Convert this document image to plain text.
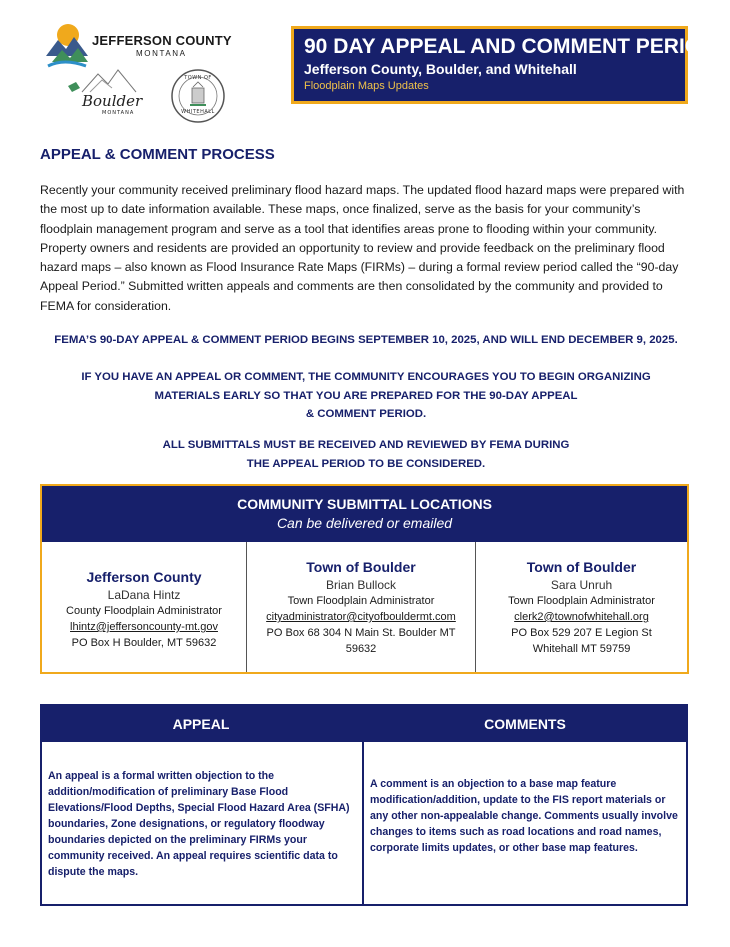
JEFFERSON COUNTY
MONTANA
Boulder
MONTANA
TOWN OF
WHITEHALL
90 DAY APPEAL AND COMMENT PERIOD
Jefferson County, Boulder, and Whitehall
Floodplain Maps Updates
APPEAL & COMMENT PROCESS

Recently your community received preliminary flood hazard maps. The updated flood hazard maps were prepared with the most up to date information available. These maps, once finalized, serve as the basis for your community’s floodplain management program and serve as a tool that identifies areas prone to flooding within your community. Property owners and residents are provided an opportunity to review and provide feedback on the preliminary flood hazard maps – also known as Flood Insurance Rate Maps (FIRMs) – during a formal review period called the “90-day Appeal Period.” Submitted written appeals and comments are then consolidated by the community and provided to FEMA for consideration.

FEMA’S 90-DAY APPEAL & COMMENT PERIOD BEGINS SEPTEMBER 10, 2025, AND WILL END DECEMBER 9, 2025.

IF YOU HAVE AN APPEAL OR COMMENT, THE COMMUNITY ENCOURAGES YOU TO BEGIN ORGANIZING
MATERIALS EARLY SO THAT YOU ARE PREPARED FOR THE 90-DAY APPEAL
& COMMENT PERIOD.

ALL SUBMITTALS MUST BE RECEIVED AND REVIEWED BY FEMA DURING
THE APPEAL PERIOD TO BE CONSIDERED.

COMMUNITY SUBMITTAL LOCATIONS
Can be delivered or emailed
Jefferson County
LaDana Hintz
County Floodplain Administrator
lhintz@jeffersoncounty-mt.gov
PO Box H Boulder, MT 59632
Town of Boulder
Brian Bullock
Town Floodplain Administrator
cityadministrator@cityofbouldermt.com
PO Box 68 304 N Main St. Boulder MT
59632
Town of Boulder
Sara Unruh
Town Floodplain Administrator
clerk2@townofwhitehall.org
PO Box 529 207 E Legion St
Whitehall MT 59759
APPEAL	COMMENTS

An appeal is a formal written objection to the addition/modification of preliminary Base Flood Elevations/Flood Depths, Special Flood Hazard Area (SFHA) boundaries, Zone designations, or regulatory floodway boundaries depicted on the preliminary FIRMs your community received. An appeal requires scientific data to dispute the maps.

A comment is an objection to a base map feature modification/addition, update to the FIS report materials or any other non-appealable change. Comments usually involve changes to items such as road locations and road names, corporate limits updates, or other base map features.
